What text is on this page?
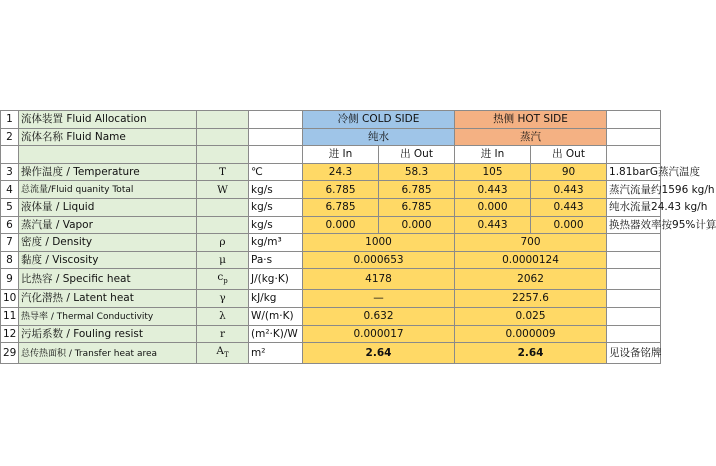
1	流体装置 Fluid Allocation			冷侧 COLD SIDE		热侧 HOT SIDE		
2	流体名称 Fluid Name			纯水		蒸汽		
				进 In	出 Out	进 In	出 Out	
3	操作温度 / Temperature	T	℃	24.3	58.3	105	90	1.81barG蒸汽温度
4	总流量/Fluid quanity Total	W	kg/s	6.785	6.785	0.443	0.443	蒸汽流量约1596 kg/h
5	液体量 / Liquid		kg/s	6.785	6.785	0.000	0.443	纯水流量24.43 kg/h
6	蒸汽量 / Vapor		kg/s	0.000	0.000	0.443	0.000	换热器效率按95%计算
7	密度 / Density	ρ	kg/m³	1000		700		
8	黏度 / Viscosity	μ	Pa·s	0.000653		0.0000124		
9	比热容 / Specific heat	$c_p$	J/(kg·K)	4178		2062		
10	汽化潜热 / Latent heat	γ	kJ/kg	—		2257.6		
11	热导率 / Thermal Conductivity	λ	W/(m·K)	0.632		0.025		
12	污垢系数 / Fouling resist	r	(m²·K)/W	0.000017		0.000009		
29	总传热面积 / Transfer heat area	$A_T$	m²	2.64		2.64		见设备铭牌
